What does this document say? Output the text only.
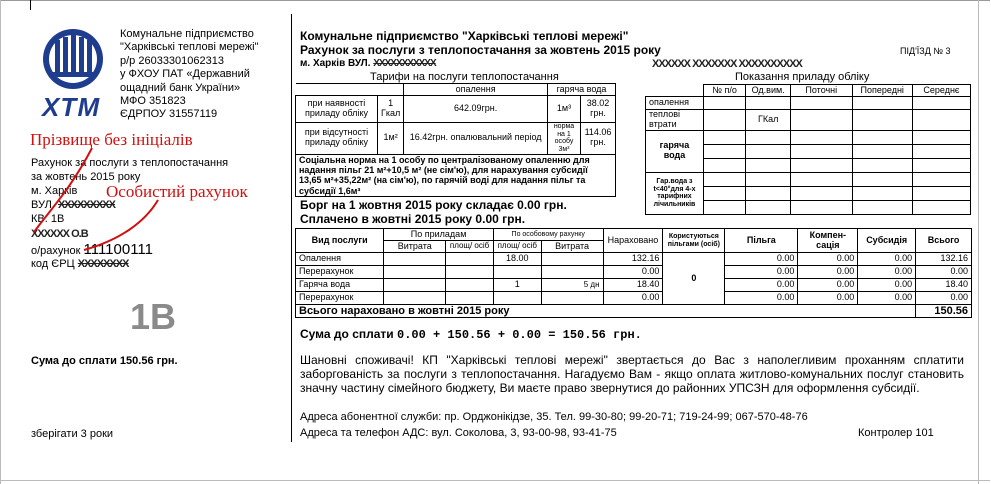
ХТМ
Комунальне підприємство
"Харківські теплові мережі"
р/р 26033301062313
у ФХОУ ПАТ «Державний
ощадний банк України»
МФО 351823
ЄДРПОУ 31557119
Прізвище без ініціалів
Рахунок за послуги з теплопостачання
за жовтень 2015 року
м. Харків Особистий рахунок
ВУЛ. XXXXXXXXX
КВ. 1В
ХХХХХХ О.В
о/рахунок 111100111
код ЄРЦ XXXXXXXX
1В
Сума до сплати 150.56 грн.
зберігати 3 роки
Комунальне підприємство "Харківські теплові мережі"
Рахунок за послуги з теплопостачання за жовтень 2015 року
м. Харків ВУЛ. XXXXXXXXXXX	ХХХХХХ ХХХХХХХ ХХХХХХХХХХ
ПІД'ЇЗД № 3
Тарифи на послуги теплопостачання
		опалення	гаряча вода	
при наявності приладу обліку	1 Гкал	642.09грн.	1м³	38.02 грн.
при відсутності приладу обліку	1м²	16.42грн. опалювальний період	норма на 1 особу 3м³	114.06 грн.
Соціальна норма на 1 особу по централізованому опаленню для надання пільг 21 м²+10,5 м² (не сім'ю), для нарахування субсидії 13,65 м²+35,22м² (на сім'ю), по гарячій воді для надання пільг та субсидії 1,6м³				
Показання приладу обліку
	№ п/о	Од.вим.	Поточні	Попередні	Середнє
опалення					
теплові втрати		ГКал			
гаряча вода					

Гар.вода з t<40°для 4-х тарифних лічильників					

Борг на 1 жовтня 2015 року складає 0.00 грн.
Сплачено в жовтні 2015 року 0.00 грн.
Вид послуги	По приладам		По особовому рахунку		Нараховано	Користуються пільгами (осіб)	Пільга	Компен-сація	Субсидія	Всього
	Витрата	площ/ осіб	площ/ осіб	Витрата						
Опалення			18.00		132.16	0	0.00	0.00	0.00	132.16
Перерахунок					0.00		0.00	0.00	0.00	0.00
Гаряча вода			1	5 дн	18.40		0.00	0.00	0.00	18.40
Перерахунок					0.00		0.00	0.00	0.00	0.00
Всього нараховано в жовтні 2015 року										150.56
Сума до сплати 0.00 + 150.56 + 0.00 = 150.56 грн.
Шановні споживачі! КП "Харківські теплові мережі" звертається до Вас з наполегливим проханням сплатити заборгованість за послуги з теплопостачання. Нагадуємо Вам - якщо оплата житлово-комунальних послуг становить значну частину сімейного бюджету, Ви маєте право звернутися до районних УПСЗН для оформлення субсидії.
Адреса абонентної служби: пр. Орджонікідзе, 35. Тел. 99-30-80; 99-20-71; 719-24-99; 067-570-48-76
Адреса та телефон АДС: вул. Соколова, 3, 93-00-98, 93-41-75	Контролер 101
